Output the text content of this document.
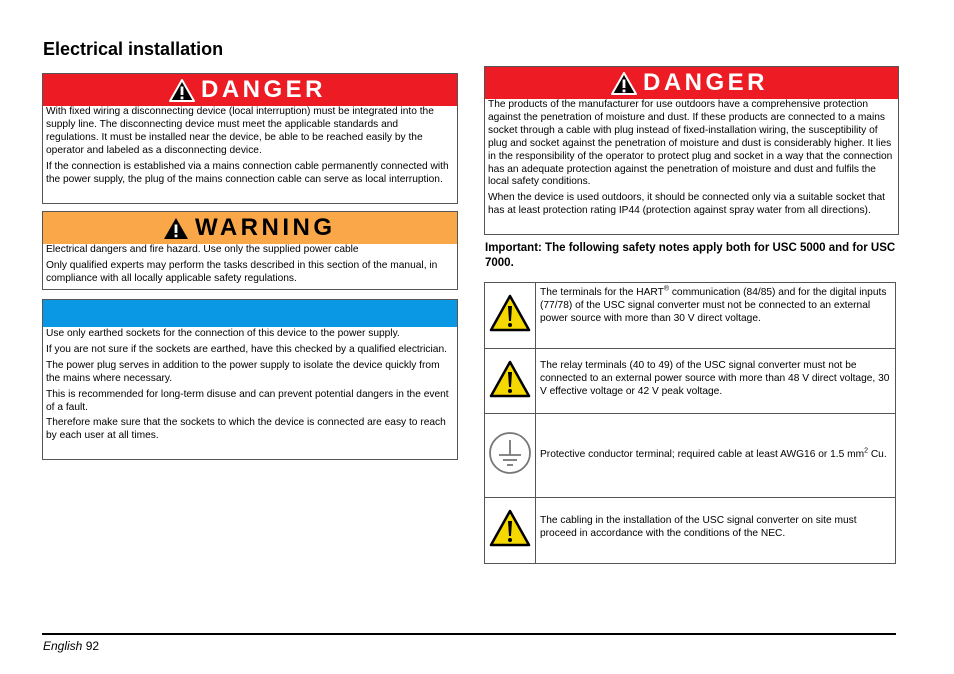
Electrical installation
DANGER

With fixed wiring a disconnecting device (local interruption) must be integrated into the supply line. The disconnecting device must meet the applicable standards and regulations. It must be installed near the device, be able to be reached easily by the operator and labeled as a disconnecting device.

If the connection is established via a mains connection cable permanently connected with the power supply, the plug of the mains connection cable can serve as local interruption.

WARNING

Electrical dangers and fire hazard. Use only the supplied power cable

Only qualified experts may perform the tasks described in this section of the manual, in compliance with all locally applicable safety regulations.

Use only earthed sockets for the connection of this device to the power supply.

If you are not sure if the sockets are earthed, have this checked by a qualified electrician.

The power plug serves in addition to the power supply to isolate the device quickly from the mains where necessary.

This is recommended for long-term disuse and can prevent potential dangers in the event of a fault.

Therefore make sure that the sockets to which the device is connected are easy to reach by each user at all times.

DANGER

The products of the manufacturer for use outdoors have a comprehensive protection against the penetration of moisture and dust. If these products are connected to a mains socket through a cable with plug instead of fixed-installation wiring, the susceptibility of plug and socket against the penetration of moisture and dust is considerably higher. It lies in the responsibility of the operator to protect plug and socket in a way that the connection has an adequate protection against the penetration of moisture and dust and fulfils the local safety conditions.

When the device is used outdoors, it should be connected only via a suitable socket that has at least protection rating IP44 (protection against spray water from all directions).

Important: The following safety notes apply both for USC 5000 and for USC 7000.
	The terminals for the HART® communication (84/85) and for the digital inputs (77/78) of the USC signal converter must not be connected to an external power source with more than 30 V direct voltage.
	The relay terminals (40 to 49) of the USC signal converter must not be connected to an external power source with more than 48 V direct voltage, 30 V effective voltage or 42 V peak voltage.
	Protective conductor terminal; required cable at least AWG16 or 1.5 $mm^2$ Cu.
	The cabling in the installation of the USC signal converter on site must proceed in accordance with the conditions of the NEC.
English 92
